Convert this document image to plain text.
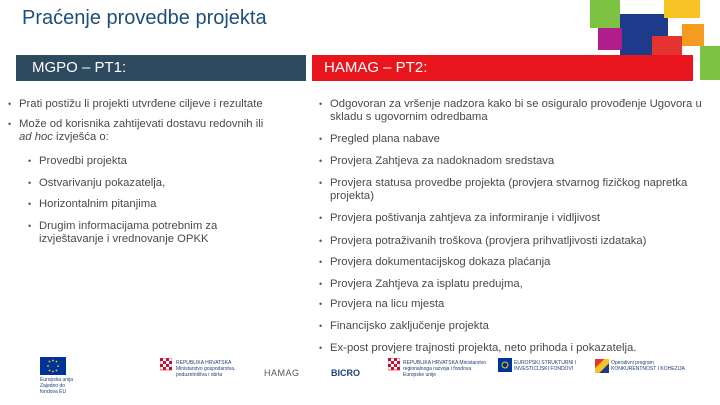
Praćenje provedbe projekta
MGPO – PT1:	HAMAG – PT2:
• Prati postižu li projekti utvrđene ciljeve i rezultate
• Može od korisnika zahtijevati dostavu redovnih ili
ad hoc izvješća o:
• Provedbi projekta
• Ostvarivanju pokazatelja,
• Horizontalnim pitanjima
• Drugim informacijama potrebnim za izvještavanje i vrednovanje OPKK
• Odgovoran za vršenje nadzora kako bi se osiguralo provođenje Ugovora u skladu s ugovornim odredbama
• Pregled plana nabave
• Provjera Zahtjeva za nadoknadom sredstava
• Provjera statusa provedbe projekta (provjera stvarnog fizičkog napretka projekta)
• Provjera poštivanja zahtjeva za informiranje i vidljivost
• Provjera potraživanih troškova (provjera prihvatljivosti izdataka)
• Provjera dokumentacijskog dokaza plaćanja
• Provjera Zahtjeva za isplatu predujma,
• Provjera na licu mjesta
• Financijsko zaključenje projekta
• Ex-post provjere trajnosti projekta, neto prihoda i pokazatelja.
Europska unija Zajedno do fondova EU
REPUBLIKA HRVATSKA Ministarstvo gospodarstva, poduzetništva i obrta	HAMAG	BICRO
REPUBLIKA HRVATSKA Ministarstvo regionalnoga razvoja i fondova Europske unije
EUROPSKI STRUKTURNI I INVESTICIJSKI FONDOVI
Operativni program KONKURENTNOST I KOHEZIJA
